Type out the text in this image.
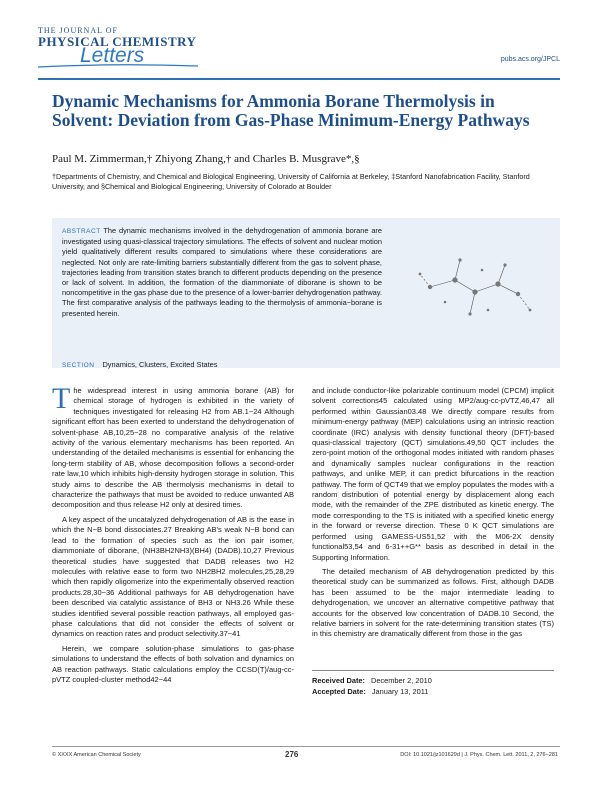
THE JOURNAL OF
PHYSICAL CHEMISTRY
Letters	pubs.acs.org/JPCL
Dynamic Mechanisms for Ammonia Borane Thermolysis in Solvent: Deviation from Gas-Phase Minimum-Energy Pathways
Paul M. Zimmerman,† Zhiyong Zhang,† and Charles B. Musgrave*,§
†Departments of Chemistry, and Chemical and Biological Engineering, University of California at Berkeley, ‡Stanford Nanofabrication Facility, Stanford University, and §Chemical and Biological Engineering, University of Colorado at Boulder
ABSTRACT The dynamic mechanisms involved in the dehydrogenation of ammonia borane are investigated using quasi-classical trajectory simulations. The effects of solvent and nuclear motion yield qualitatively different results compared to simulations where these considerations are neglected. Not only are rate-limiting barriers substantially different from the gas to solvent phase, trajectories leading from transition states branch to different products depending on the presence or lack of solvent. In addition, the formation of the diammoniate of diborane is shown to be noncompetitive in the gas phase due to the presence of a lower-barrier dehydrogenation pathway. The first comparative analysis of the pathways leading to the thermolysis of ammonia−borane is presented herein.
SECTION Dynamics, Clusters, Excited States

The widespread interest in using ammonia borane (AB) for chemical storage of hydrogen is exhibited in the variety of techniques investigated for releasing H2 from AB.1−24 Although significant effort has been exerted to understand the dehydrogenation of solvent-phase AB,10,25−28 no comparative analysis of the relative activity of the various elementary mechanisms has been reported. An understanding of the detailed mechanisms is essential for enhancing the long-term stability of AB, whose decomposition follows a second-order rate law,10 which inhibits high-density hydrogen storage in solution. This study aims to describe the AB thermolysis mechanisms in detail to characterize the pathways that must be avoided to reduce unwanted AB decomposition and thus release H2 only at desired times.

A key aspect of the uncatalyzed dehydrogenation of AB is the ease in which the N−B bond dissociates.27 Breaking AB's weak N−B bond can lead to the formation of species such as the ion pair isomer, diammoniate of diborane, (NH3BH2NH3)(BH4) (DADB).10,27 Previous theoretical studies have suggested that DADB releases two H2 molecules with relative ease to form two NH2BH2 molecules,25,28,29 which then rapidly oligomerize into the experimentally observed reaction products.28,30−36 Additional pathways for AB dehydrogenation have been described via catalytic assistance of BH3 or NH3.26 While these studies identified several possible reaction pathways, all employed gas-phase calculations that did not consider the effects of solvent or dynamics on reaction rates and product selectivity.37−41

Herein, we compare solution-phase simulations to gas-phase simulations to understand the effects of both solvation and dynamics on AB reaction pathways. Static calculations employ the CCSD(T)/aug-cc-pVTZ coupled-cluster method42−44

and include conductor-like polarizable continuum model (CPCM) implicit solvent corrections45 calculated using MP2/aug-cc-pVTZ,46,47 all performed within Gaussian03.48 We directly compare results from minimum-energy pathway (MEP) calculations using an intrinsic reaction coordinate (IRC) analysis with density functional theory (DFT)-based quasi-classical trajectory (QCT) simulations.49,50 QCT includes the zero-point motion of the orthogonal modes initiated with random phases and dynamically samples nuclear configurations in the reaction pathways, and unlike MEP, it can predict bifurcations in the reaction pathway. The form of QCT49 that we employ populates the modes with a random distribution of potential energy by displacement along each mode, with the remainder of the ZPE distributed as kinetic energy. The mode corresponding to the TS is initiated with a specified kinetic energy in the forward or reverse direction. These 0 K QCT simulations are performed using GAMESS-US51,52 with the M06-2X density functional53,54 and 6-31++G** basis as described in detail in the Supporting Information.

The detailed mechanism of AB dehydrogenation predicted by this theoretical study can be summarized as follows. First, although DADB has been assumed to be the major intermediate leading to dehydrogenation, we uncover an alternative competitive pathway that accounts for the observed low concentration of DADB.10 Second, the relative barriers in solvent for the rate-determining transition states (TS) in this chemistry are dramatically different from those in the gas

Received Date: December 2, 2010
Accepted Date: January 13, 2011
© XXXX American Chemical Society	276	DOI: 10.1021/jz101629d | J. Phys. Chem. Lett. 2011, 2, 276−281
